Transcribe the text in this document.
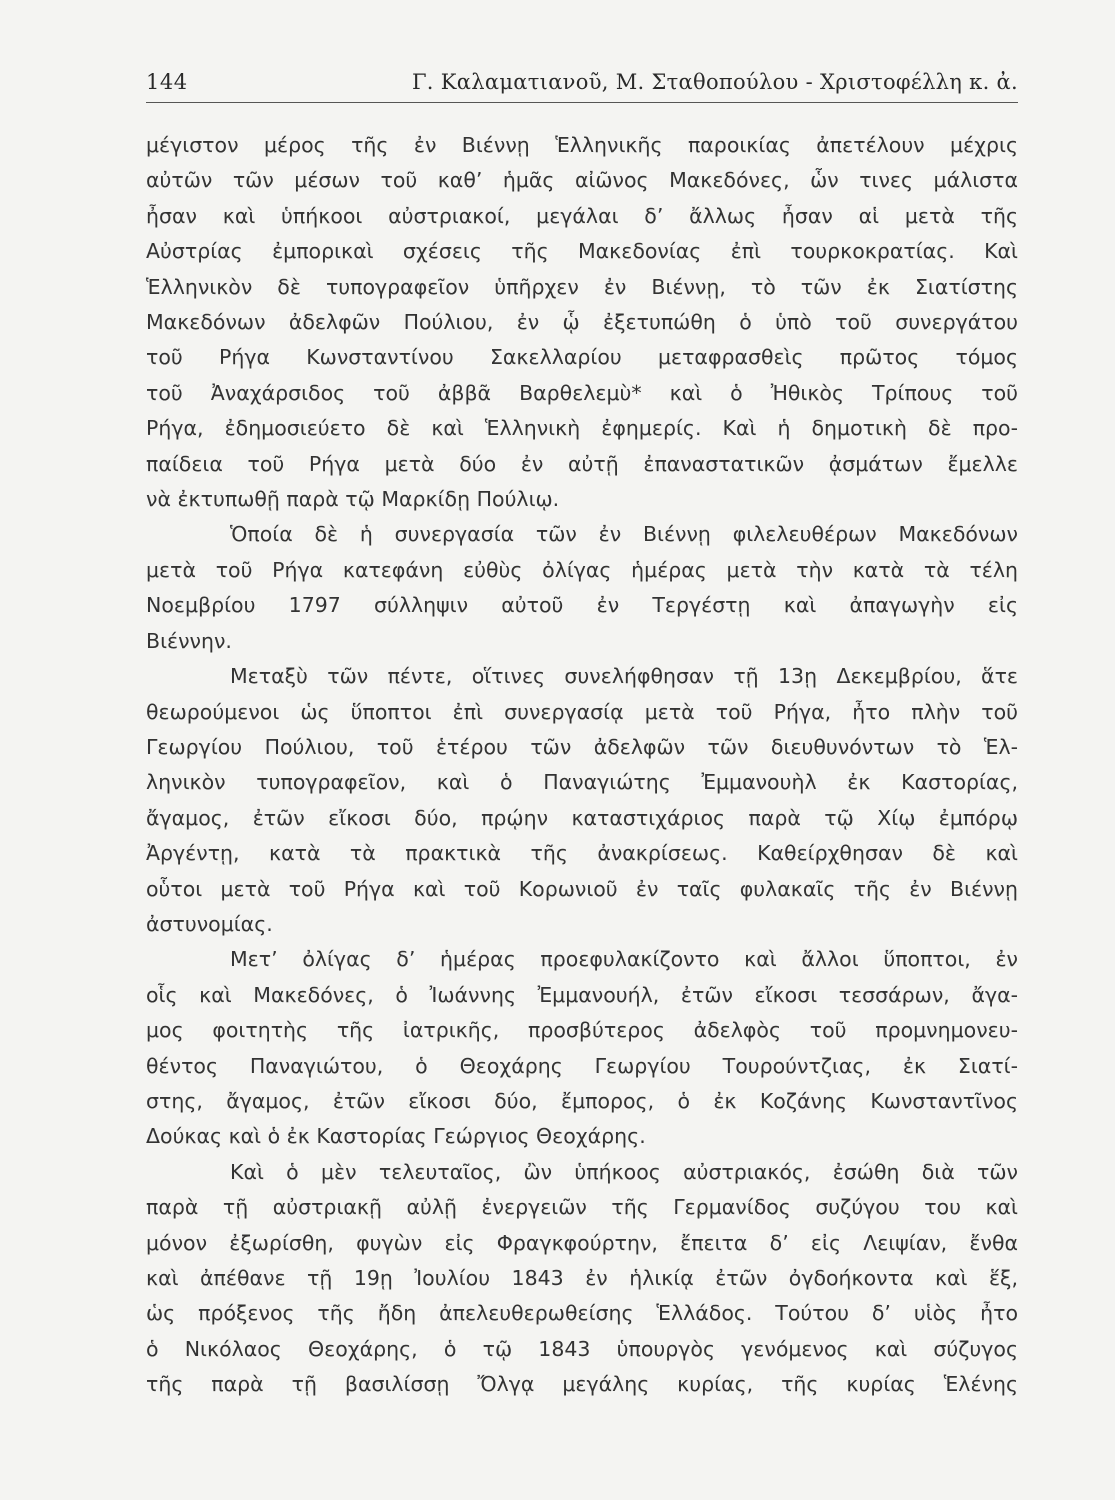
144	Γ. Καλαματιανοῦ, Μ. Σταθοπούλου - Χριστοφέλλη κ. ἀ.
μέγιστον μέρος τῆς ἐν Βιέννῃ Ἑλληνικῆς παροικίας ἀπετέλουν μέχρις
αὐτῶν τῶν μέσων τοῦ καθ’ ἡμᾶς αἰῶνος Μακεδόνες, ὧν τινες μάλιστα
ἦσαν καὶ ὑπήκοοι αὐστριακοί, μεγάλαι δ’ ἄλλως ἦσαν αἱ μετὰ τῆς
Αὐστρίας ἐμπορικαὶ σχέσεις τῆς Μακεδονίας ἐπὶ τουρκοκρατίας. Καὶ
Ἑλληνικὸν δὲ τυπογραφεῖον ὑπῆρχεν ἐν Βιέννῃ, τὸ τῶν ἐκ Σιατίστης
Μακεδόνων ἀδελφῶν Πούλιου, ἐν ᾧ ἐξετυπώθη ὁ ὑπὸ τοῦ συνεργάτου
τοῦ Ρήγα Κωνσταντίνου Σακελλαρίου μεταφρασθεὶς πρῶτος τόμος
τοῦ Ἀναχάρσιδος τοῦ ἀββᾶ Βαρθελεμὺ* καὶ ὁ Ἠθικὸς Τρίπους τοῦ
Ρήγα, ἐδημοσιεύετο δὲ καὶ Ἑλληνικὴ ἐφημερίς. Καὶ ἡ δημοτικὴ δὲ προ-
παίδεια τοῦ Ρήγα μετὰ δύο ἐν αὐτῇ ἐπαναστατικῶν ᾀσμάτων ἔμελλε
νὰ ἐκτυπωθῇ παρὰ τῷ Μαρκίδῃ Πούλιῳ.
Ὁποία δὲ ἡ συνεργασία τῶν ἐν Βιέννῃ φιλελευθέρων Μακεδόνων
μετὰ τοῦ Ρήγα κατεφάνη εὐθὺς ὀλίγας ἡμέρας μετὰ τὴν κατὰ τὰ τέλη
Νοεμβρίου 1797 σύλληψιν αὐτοῦ ἐν Τεργέστῃ καὶ ἀπαγωγὴν εἰς
Βιέννην.
Μεταξὺ τῶν πέντε, οἵτινες συνελήφθησαν τῇ 13ῃ Δεκεμβρίου, ἅτε
θεωρούμενοι ὡς ὕποπτοι ἐπὶ συνεργασίᾳ μετὰ τοῦ Ρήγα, ἦτο πλὴν τοῦ
Γεωργίου Πούλιου, τοῦ ἑτέρου τῶν ἀδελφῶν τῶν διευθυνόντων τὸ Ἑλ-
ληνικὸν τυπογραφεῖον, καὶ ὁ Παναγιώτης Ἐμμανουὴλ ἐκ Καστορίας,
ἄγαμος, ἐτῶν εἴκοσι δύο, πρῴην καταστιχάριος παρὰ τῷ Χίῳ ἐμπόρῳ
Ἀργέντῃ, κατὰ τὰ πρακτικὰ τῆς ἀνακρίσεως. Καθείρχθησαν δὲ καὶ
οὗτοι μετὰ τοῦ Ρήγα καὶ τοῦ Κορωνιοῦ ἐν ταῖς φυλακαῖς τῆς ἐν Βιέννῃ
ἀστυνομίας.
Μετ’ ὀλίγας δ’ ἡμέρας προεφυλακίζοντο καὶ ἄλλοι ὕποπτοι, ἐν
οἷς καὶ Μακεδόνες, ὁ Ἰωάννης Ἐμμανουήλ, ἐτῶν εἴκοσι τεσσάρων, ἄγα-
μος φοιτητὴς τῆς ἰατρικῆς, προσβύτερος ἀδελφὸς τοῦ προμνημονευ-
θέντος Παναγιώτου, ὁ Θεοχάρης Γεωργίου Τουρούντζιας, ἐκ Σιατί-
στης, ἄγαμος, ἐτῶν εἴκοσι δύο, ἔμπορος, ὁ ἐκ Κοζάνης Κωνσταντῖνος
Δούκας καὶ ὁ ἐκ Καστορίας Γεώργιος Θεοχάρης.
Καὶ ὁ μὲν τελευταῖος, ὢν ὑπήκοος αὐστριακός, ἐσώθη διὰ τῶν
παρὰ τῇ αὐστριακῇ αὐλῇ ἐνεργειῶν τῆς Γερμανίδος συζύγου του καὶ
μόνον ἐξωρίσθη, φυγὼν εἰς Φραγκφούρτην, ἔπειτα δ’ εἰς Λειψίαν, ἔνθα
καὶ ἀπέθανε τῇ 19ῃ Ἰουλίου 1843 ἐν ἡλικίᾳ ἐτῶν ὀγδοήκοντα καὶ ἕξ,
ὡς πρόξενος τῆς ἤδη ἀπελευθερωθείσης Ἑλλάδος. Τούτου δ’ υἱὸς ἦτο
ὁ Νικόλαος Θεοχάρης, ὁ τῷ 1843 ὑπουργὸς γενόμενος καὶ σύζυγος
τῆς παρὰ τῇ βασιλίσσῃ Ὄλγᾳ μεγάλης κυρίας, τῆς κυρίας Ἑλένης
